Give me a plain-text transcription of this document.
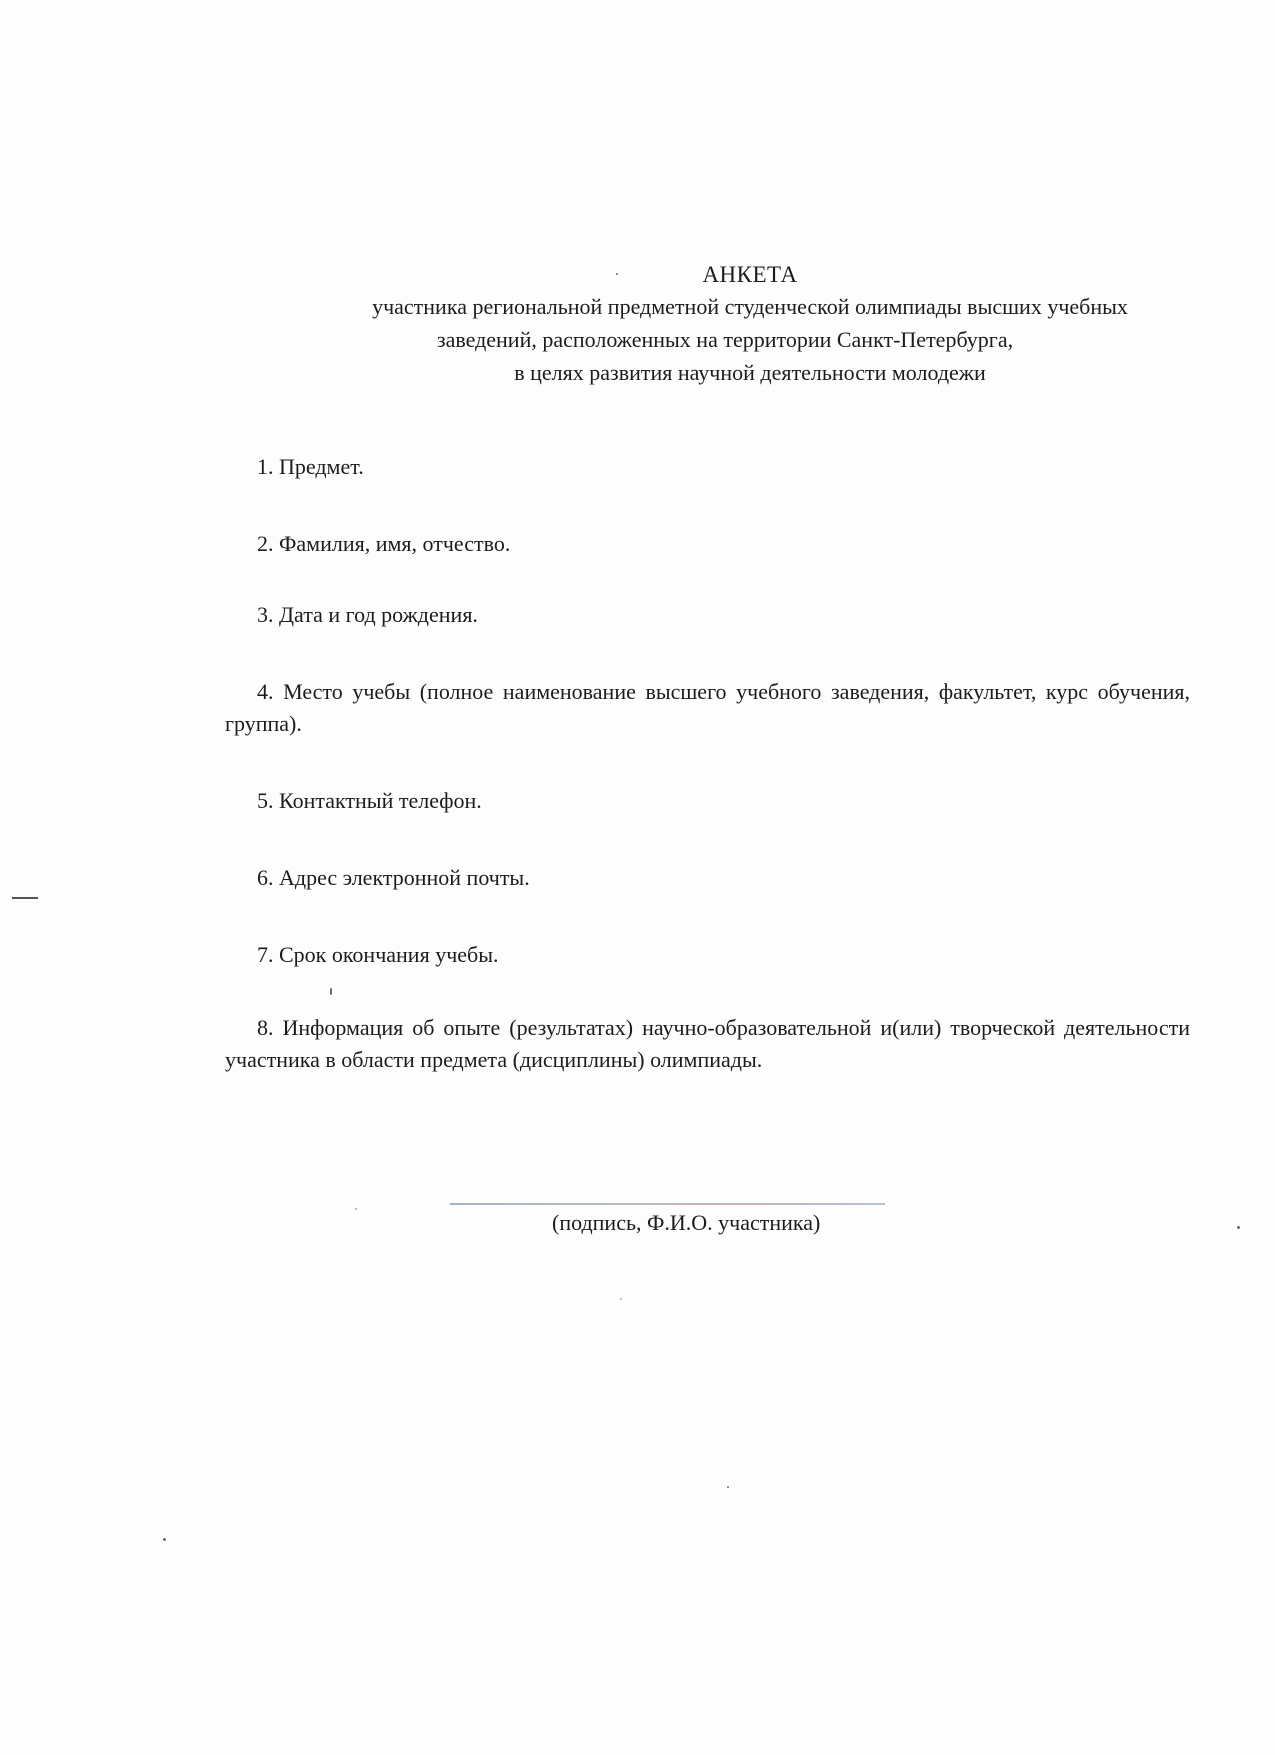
АНКЕТА
участника региональной предметной студенческой олимпиады высших учебных
заведений, расположенных на территории Санкт-Петербурга,
в целях развития научной деятельности молодежи
1. Предмет.
2. Фамилия, имя, отчество.
3. Дата и год рождения.
4. Место учебы (полное наименование высшего учебного заведения, факультет, курс обучения, группа).
5. Контактный телефон.
6. Адрес электронной почты.
7. Срок окончания учебы.
8. Информация об опыте (результатах) научно-образовательной и(или) творческой деятельности участника в области предмета (дисциплины) олимпиады.
(подпись, Ф.И.О. участника)
